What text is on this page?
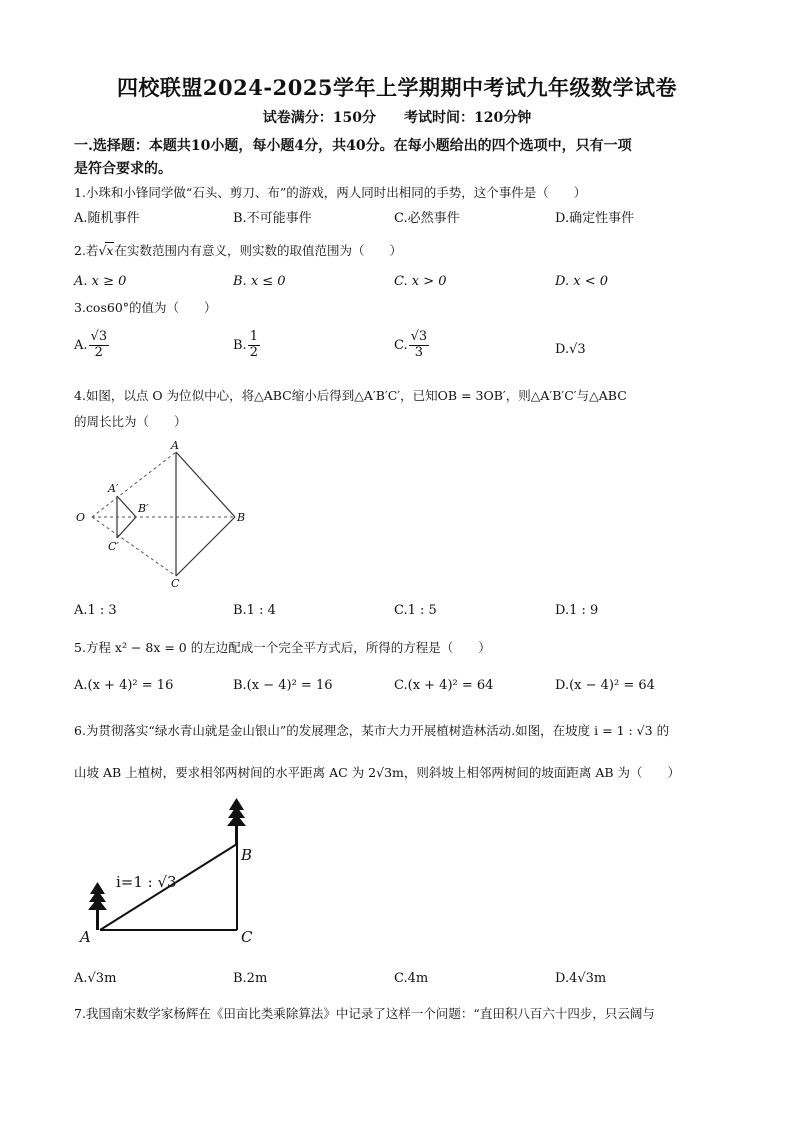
四校联盟2024-2025学年上学期期中考试九年级数学试卷
试卷满分：150分　　考试时间：120分钟
一.选择题：本题共10小题，每小题4分，共40分。在每小题给出的四个选项中，只有一项
是符合要求的。
1.小珠和小锋同学做“石头、剪刀、布”的游戏，两人同时出相同的手势，这个事件是（　　）
A.随机事件	B.不可能事件	C.必然事件	D.确定性事件
2.若√x在实数范围内有意义，则实数的取值范围为（　　）
A. x ≥ 0	B. x ≤ 0	C. x > 0	D. x < 0
3.cos60°的值为（　　）
A. $\frac{√3}{2}$	B. $\frac{1}{2}$	C. $\frac{√3}{3}$	D.√3
4.如图，以点 O 为位似中心，将△ABC缩小后得到△A′B′C′，已知OB = 3OB′，则△A′B′C′与△ABC
的周长比为（　　）
A
B
C
O
A′
B′
C′
A.1 : 3	B.1 : 4	C.1 : 5	D.1 : 9
5.方程 x² − 8x = 0 的左边配成一个完全平方式后，所得的方程是（　　）
A.(x + 4)² = 16	B.(x − 4)² = 16	C.(x + 4)² = 64	D.(x − 4)² = 64
6.为贯彻落实“绿水青山就是金山银山”的发展理念，某市大力开展植树造林活动.如图，在坡度 i = 1 : √3 的
山坡 AB 上植树，要求相邻两树间的水平距离 AC 为 2√3m，则斜坡上相邻两树间的坡面距离 AB 为（　　）
A
B
C
i=1 : √3
A.√3m	B.2m	C.4m	D.4√3m
7.我国南宋数学家杨辉在《田亩比类乘除算法》中记录了这样一个问题：“直田积八百六十四步，只云阔与
